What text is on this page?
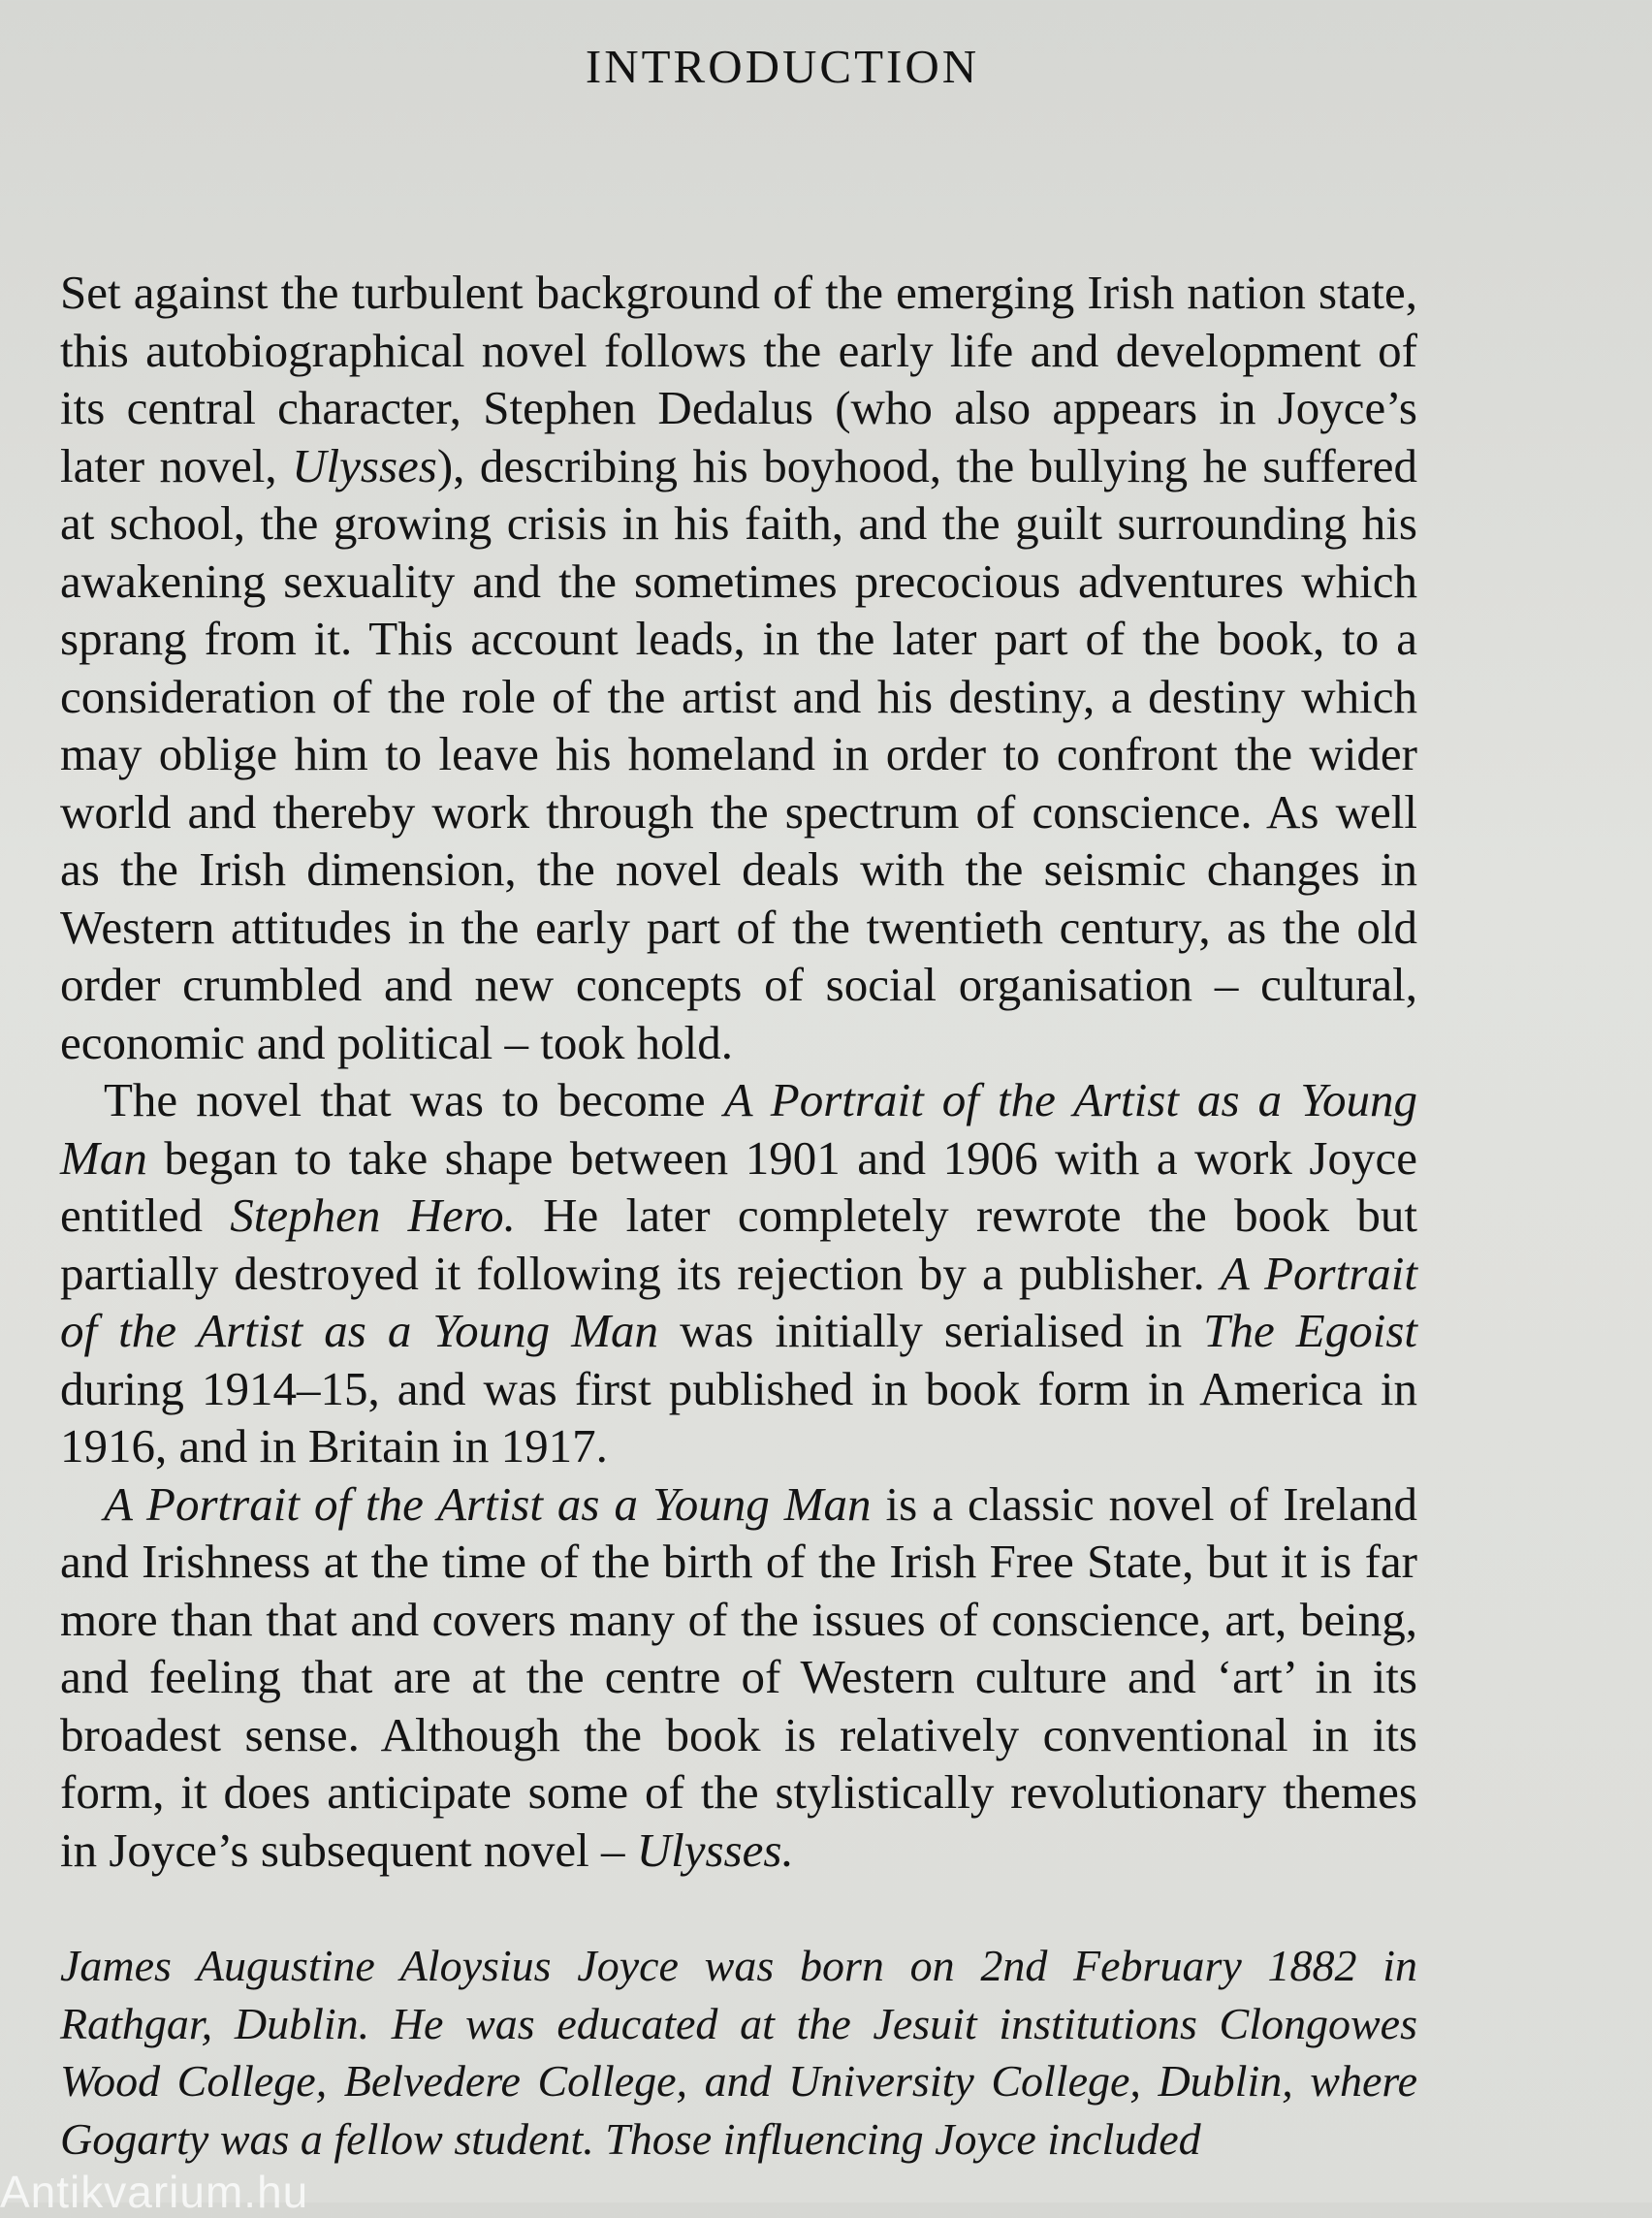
INTRODUCTION

Set against the turbulent background of the emerging Irish nation state, this autobiographical novel follows the early life and development of its central character, Stephen Dedalus (who also appears in Joyce’s later novel, Ulysses), describing his boyhood, the bullying he suffered at school, the growing crisis in his faith, and the guilt surrounding his awakening sexuality and the sometimes precocious adventures which sprang from it. This account leads, in the later part of the book, to a consideration of the role of the artist and his destiny, a destiny which may oblige him to leave his homeland in order to confront the wider world and thereby work through the spectrum of conscience. As well as the Irish dimension, the novel deals with the seismic changes in Western attitudes in the early part of the twentieth century, as the old order crumbled and new concepts of social organisation – cultural, economic and political – took hold.

The novel that was to become A Portrait of the Artist as a Young Man began to take shape between 1901 and 1906 with a work Joyce entitled Stephen Hero. He later completely rewrote the book but partially destroyed it following its rejection by a publisher. A Portrait of the Artist as a Young Man was initially serialised in The Egoist during 1914–15, and was first published in book form in America in 1916, and in Britain in 1917.

A Portrait of the Artist as a Young Man is a classic novel of Ireland and Irishness at the time of the birth of the Irish Free State, but it is far more than that and covers many of the issues of conscience, art, being, and feeling that are at the centre of Western culture and ‘art’ in its broadest sense. Although the book is relatively conventional in its form, it does anticipate some of the stylistically revolutionary themes in Joyce’s subsequent novel – Ulysses.

James Augustine Aloysius Joyce was born on 2nd February 1882 in Rathgar, Dublin. He was educated at the Jesuit institutions Clongowes Wood College, Belvedere College, and University College, Dublin, where Gogarty was a fellow student. Those influencing Joyce included

Antikvarium.hu
